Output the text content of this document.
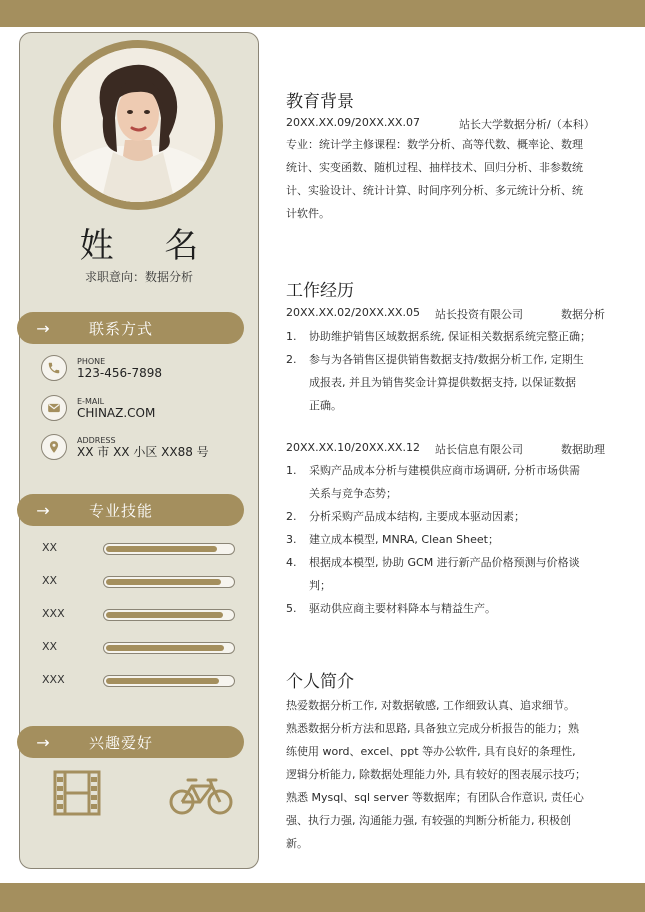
姓 名
求职意向：数据分析
→	联系方式
PHONE
123-456-7898
E-MAIL
CHINAZ.COM
ADDRESS
XX 市 XX 小区 XX88 号
→	专业技能
XX
XX
XXX
XX
XXX
→	兴趣爱好
教育背景
20XX.XX.09/20XX.XX.07	站长大学数据分析/（本科）
专业：统计学主修课程：数学分析、高等代数、概率论、数理
统计、实变函数、随机过程、抽样技术、回归分析、非参数统
计、实验设计、统计计算、时间序列分析、多元统计分析、统
计软件。
工作经历
20XX.XX.02/20XX.XX.05 站长投资有限公司	数据分析
1. 协助维护销售区域数据系统, 保证相关数据系统完整正确；
2. 参与为各销售区提供销售数据支持/数据分析工作, 定期生
成报表, 并且为销售奖金计算提供数据支持, 以保证数据
正确。
20XX.XX.10/20XX.XX.12 站长信息有限公司	数据助理
1. 采购产品成本分析与建模供应商市场调研, 分析市场供需
关系与竞争态势；
2. 分析采购产品成本结构, 主要成本驱动因素；
3. 建立成本模型, MNRA, Clean Sheet；
4. 根据成本模型, 协助 GCM 进行新产品价格预测与价格谈
判；
5. 驱动供应商主要材料降本与精益生产。
个人简介
热爱数据分析工作, 对数据敏感, 工作细致认真、追求细节。
熟悉数据分析方法和思路, 具备独立完成分析报告的能力；熟
练使用 word、excel、ppt 等办公软件, 具有良好的条理性,
逻辑分析能力, 除数据处理能力外, 具有较好的图表展示技巧；
熟悉 Mysql、sql server 等数据库；有团队合作意识, 责任心
强、执行力强, 沟通能力强, 有较强的判断分析能力, 积极创
新。
